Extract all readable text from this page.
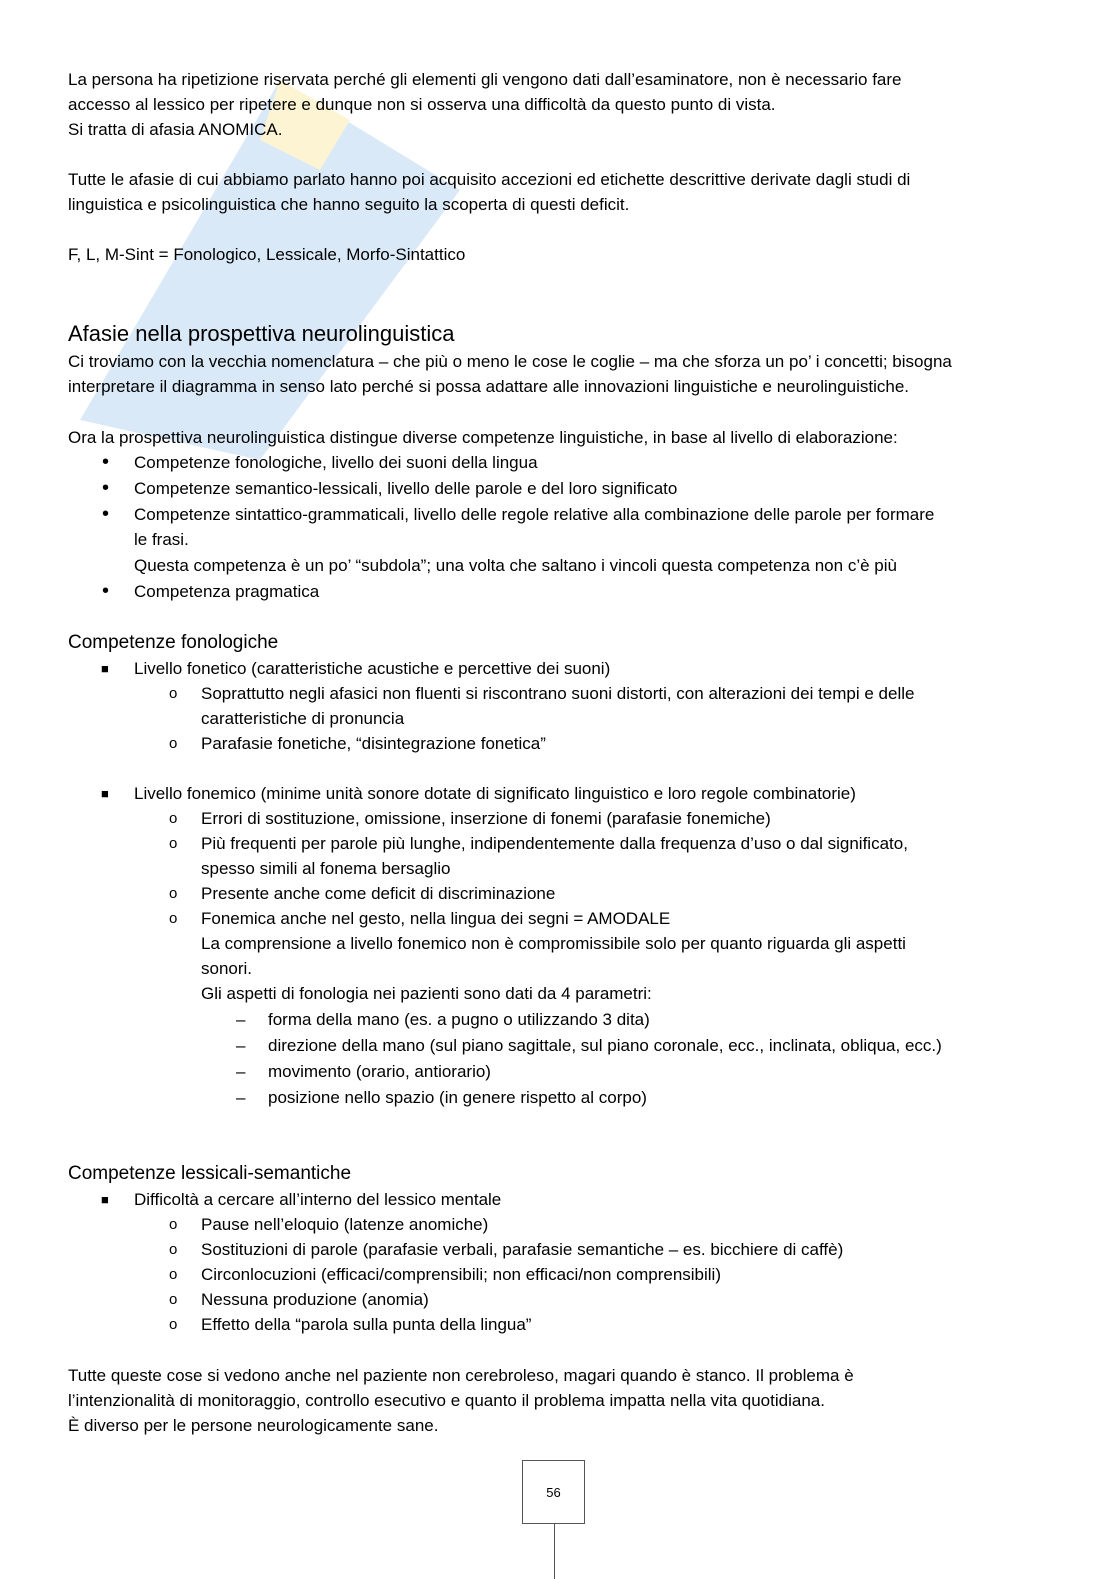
La persona ha ripetizione riservata perché gli elementi gli vengono dati dall’esaminatore, non è necessario fare
accesso al lessico per ripetere e dunque non si osserva una difficoltà da questo punto di vista.
Si tratta di afasia ANOMICA.
Tutte le afasie di cui abbiamo parlato hanno poi acquisito accezioni ed etichette descrittive derivate dagli studi di
linguistica e psicolinguistica che hanno seguito la scoperta di questi deficit.
F, L, M-Sint = Fonologico, Lessicale, Morfo-Sintattico
Afasie nella prospettiva neurolinguistica
Ci troviamo con la vecchia nomenclatura – che più o meno le cose le coglie – ma che sforza un po’ i concetti; bisogna
interpretare il diagramma in senso lato perché si possa adattare alle innovazioni linguistiche e neurolinguistiche.
Ora la prospettiva neurolinguistica distingue diverse competenze linguistiche, in base al livello di elaborazione:
• Competenze fonologiche, livello dei suoni della lingua
• Competenze semantico-lessicali, livello delle parole e del loro significato
• Competenze sintattico-grammaticali, livello delle regole relative alla combinazione delle parole per formare
le frasi.
Questa competenza è un po’ “subdola”; una volta che saltano i vincoli questa competenza non c’è più
• Competenza pragmatica
Competenze fonologiche
■ Livello fonetico (caratteristiche acustiche e percettive dei suoni)
o Soprattutto negli afasici non fluenti si riscontrano suoni distorti, con alterazioni dei tempi e delle
caratteristiche di pronuncia
o Parafasie fonetiche, “disintegrazione fonetica”
■ Livello fonemico (minime unità sonore dotate di significato linguistico e loro regole combinatorie)
o Errori di sostituzione, omissione, inserzione di fonemi (parafasie fonemiche)
o Più frequenti per parole più lunghe, indipendentemente dalla frequenza d’uso o dal significato,
spesso simili al fonema bersaglio
o Presente anche come deficit di discriminazione
o Fonemica anche nel gesto, nella lingua dei segni = AMODALE
La comprensione a livello fonemico non è compromissibile solo per quanto riguarda gli aspetti
sonori.
Gli aspetti di fonologia nei pazienti sono dati da 4 parametri:
– forma della mano (es. a pugno o utilizzando 3 dita)
– direzione della mano (sul piano sagittale, sul piano coronale, ecc., inclinata, obliqua, ecc.)
– movimento (orario, antiorario)
– posizione nello spazio (in genere rispetto al corpo)
Competenze lessicali-semantiche
■ Difficoltà a cercare all’interno del lessico mentale
o Pause nell’eloquio (latenze anomiche)
o Sostituzioni di parole (parafasie verbali, parafasie semantiche – es. bicchiere di caffè)
o Circonlocuzioni (efficaci/comprensibili; non efficaci/non comprensibili)
o Nessuna produzione (anomia)
o Effetto della “parola sulla punta della lingua”
Tutte queste cose si vedono anche nel paziente non cerebroleso, magari quando è stanco. Il problema è
l’intenzionalità di monitoraggio, controllo esecutivo e quanto il problema impatta nella vita quotidiana.
È diverso per le persone neurologicamente sane.
56
